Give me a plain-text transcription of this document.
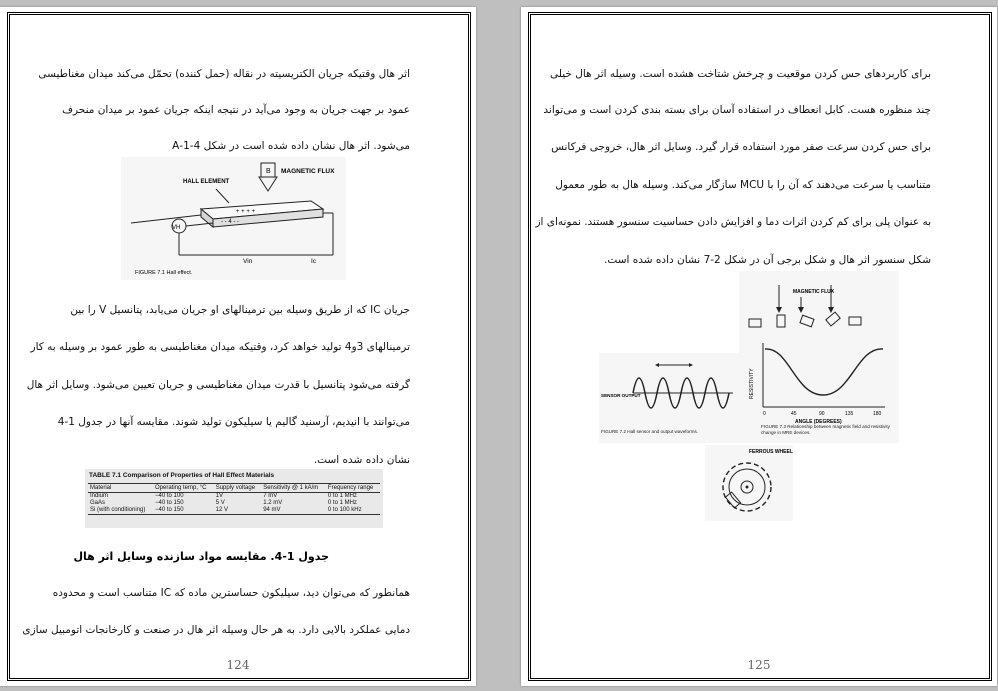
اثر هال وقتیکه جریان الکتریسیته در نقاله (حمل کننده) تحمّل می‌کند میدان مغناطیسی
عمود بر جهت جریان به وجود می‌آید در نتیجه اینکه جریان عمود بر میدان منحرف
می‌شود. اثر هال نشان داده شده است در شکل 4-1-A
B MAGNETIC FLUX
HALL ELEMENT
+ + + +
- - 4 - -
VH
Vin	Ic
FIGURE 7.1 Hall effect.
جریان IC که از طریق وسیله بین ترمینالهای او جریان می‌یابد، پتانسیل V را بین
ترمینالهای 3و4 تولید خواهد کرد، وقتیکه میدان مغناطیسی به طور عمود بر وسیله به کار
گرفته می‌شود پتانسیل با قدرت میدان مغناطیسی و جریان تعیین می‌شود. وسایل اثر هال
می‌توانند با انیدیم، آرسنید گالیم یا سیلیکون تولید شوند. مقایسه آنها در جدول 1-4
نشان داده شده است.
TABLE 7.1 Comparison of Properties of Hall Effect Materials
Material	Operating temp, °C	Supply voltage	Sensitivity @ 1 kA/m	Frequency range
Indium	−40 to 100	1V	7 mV	0 to 1 MHz
GaAs	−40 to 150	5 V	1.2 mV	0 to 1 MHz
Si (with conditioning)	−40 to 150	12 V	94 mV	0 to 100 kHz
جدول 1-4. مقایسه مواد سازنده وسایل اثر هال
همانطور که می‌توان دید، سیلیکون حساسترین ماده که IC متناسب است و محدوده
دمایی عملکرد بالایی دارد. به هر حال وسیله اثر هال در صنعت و کارخانجات اتومبیل سازی
124
برای کاربردهای حس کردن موقعیت و چرخش شتاخت هشده است. وسیله اثر هال خیلی
چند منظوره هست. کابل انعطاف در استفاده آسان برای بسته بندی کردن است و می‌تواند
برای حس کردن سرعت صفر مورد استفاده قرار گیرد. وسایل اثر هال، خروجی فرکانس
متناسب یا سرعت می‌دهند که آن را با MCU سازگار می‌کند. وسیله هال به طور معمول
به عنوان پلی برای کم کردن اثرات دما و افزایش دادن حساسیت سنسور هستند. نمونه‌ای از
شکل سنسور اثر هال و شکل برجی آن در شکل 2-7 نشان داده شده است.
MAGNETIC FLUX
RESISTIVITY
0	45	90	135	180
ANGLE (DEGREES)
FIGURE 7.3 Relationship between magnetic field and resistivity change in MRE devices.
SENSOR OUTPUT
FIGURE 7.2 Hall sensor and output waveforms.
FERROUS WHEEL
125
